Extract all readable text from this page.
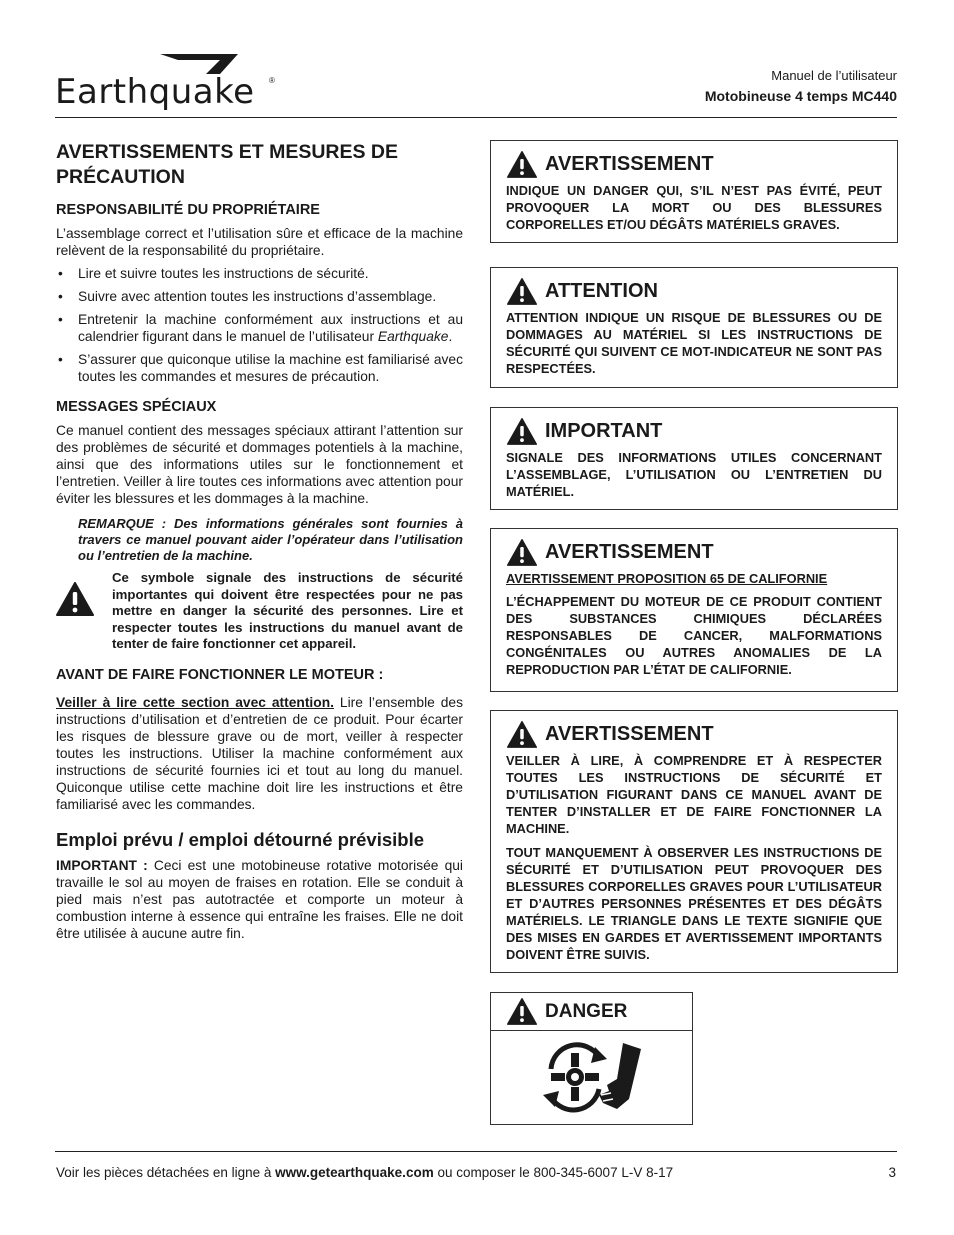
Earthquake ®	Manuel de l’utilisateur
Motobineuse 4 temps MC440
AVERTISSEMENTS ET MESURES DE PRÉCAUTION
RESPONSABILITÉ DU PROPRIÉTAIRE

L’assemblage correct et l’utilisation sûre et efficace de la machine relèvent de la responsabilité du propriétaire.

• Lire et suivre toutes les instructions de sécurité.
• Suivre avec attention toutes les instructions d’assemblage.
• Entretenir la machine conformément aux instructions et au calendrier figurant dans le manuel de l’utilisateur Earthquake.
• S’assurer que quiconque utilise la machine est familiarisé avec toutes les commandes et mesures de précaution.
MESSAGES SPÉCIAUX

Ce manuel contient des messages spéciaux attirant l’attention sur des problèmes de sécurité et dommages potentiels à la machine, ainsi que des informations utiles sur le fonctionnement et l’entretien. Veiller à lire toutes ces informations avec attention pour éviter les blessures et les dommages à la machine.

REMARQUE : Des informations générales sont fournies à travers ce manuel pouvant aider l’opérateur dans l’utilisation ou l’entretien de la machine.

Ce symbole signale des instructions de sécurité importantes qui doivent être respectées pour ne pas mettre en danger la sécurité des personnes. Lire et respecter toutes les instructions du manuel avant de tenter de faire fonctionner cet appareil.
AVANT DE FAIRE FONCTIONNER LE MOTEUR :

Veiller à lire cette section avec attention. Lire l’ensemble des instructions d’utilisation et d’entretien de ce produit. Pour écarter les risques de blessure grave ou de mort, veiller à respecter toutes les instructions. Utiliser la machine conformément aux instructions de sécurité fournies ici et tout au long du manuel. Quiconque utilise cette machine doit lire les instructions et être familiarisé avec les commandes.

Emploi prévu / emploi détourné prévisible

IMPORTANT : Ceci est une motobineuse rotative motorisée qui travaille le sol au moyen de fraises en rotation. Elle se conduit à pied mais n’est pas autotractée et comporte un moteur à combustion interne à essence qui entraîne les fraises. Elle ne doit être utilisée à aucune autre fin.

AVERTISSEMENT
INDIQUE UN DANGER QUI, S’IL N’EST PAS ÉVITÉ, PEUT PROVOQUER LA MORT OU DES BLESSURES CORPORELLES ET/OU DÉGÂTS MATÉRIELS GRAVES.
ATTENTION
ATTENTION INDIQUE UN RISQUE DE BLESSURES OU DE DOMMAGES AU MATÉRIEL SI LES INSTRUCTIONS DE SÉCURITÉ QUI SUIVENT CE MOT-INDICATEUR NE SONT PAS RESPECTÉES.
IMPORTANT
SIGNALE DES INFORMATIONS UTILES CONCERNANT L’ASSEMBLAGE, L’UTILISATION OU L’ENTRETIEN DU MATÉRIEL.
AVERTISSEMENT
AVERTISSEMENT PROPOSITION 65 DE CALIFORNIE
L’ÉCHAPPEMENT DU MOTEUR DE CE PRODUIT CONTIENT DES SUBSTANCES CHIMIQUES DÉCLARÉES RESPONSABLES DE CANCER, MALFORMATIONS CONGÉNITALES OU AUTRES ANOMALIES DE LA REPRODUCTION PAR L’ÉTAT DE CALIFORNIE.
AVERTISSEMENT
VEILLER À LIRE, À COMPRENDRE ET À RESPECTER TOUTES LES INSTRUCTIONS DE SÉCURITÉ ET D’UTILISATION FIGURANT DANS CE MANUEL AVANT DE TENTER D’INSTALLER ET DE FAIRE FONCTIONNER LA MACHINE.
TOUT MANQUEMENT À OBSERVER LES INSTRUCTIONS DE SÉCURITÉ ET D’UTILISATION PEUT PROVOQUER DES BLESSURES CORPORELLES GRAVES POUR L’UTILISATEUR ET D’AUTRES PERSONNES PRÉSENTES ET DES DÉGÂTS MATÉRIELS. LE TRIANGLE DANS LE TEXTE SIGNIFIE QUE DES MISES EN GARDES ET AVERTISSEMENT IMPORTANTS DOIVENT ÊTRE SUIVIS.
DANGER
Voir les pièces détachées en ligne à www.getearthquake.com ou composer le 800-345-6007 L-V 8-17	3
